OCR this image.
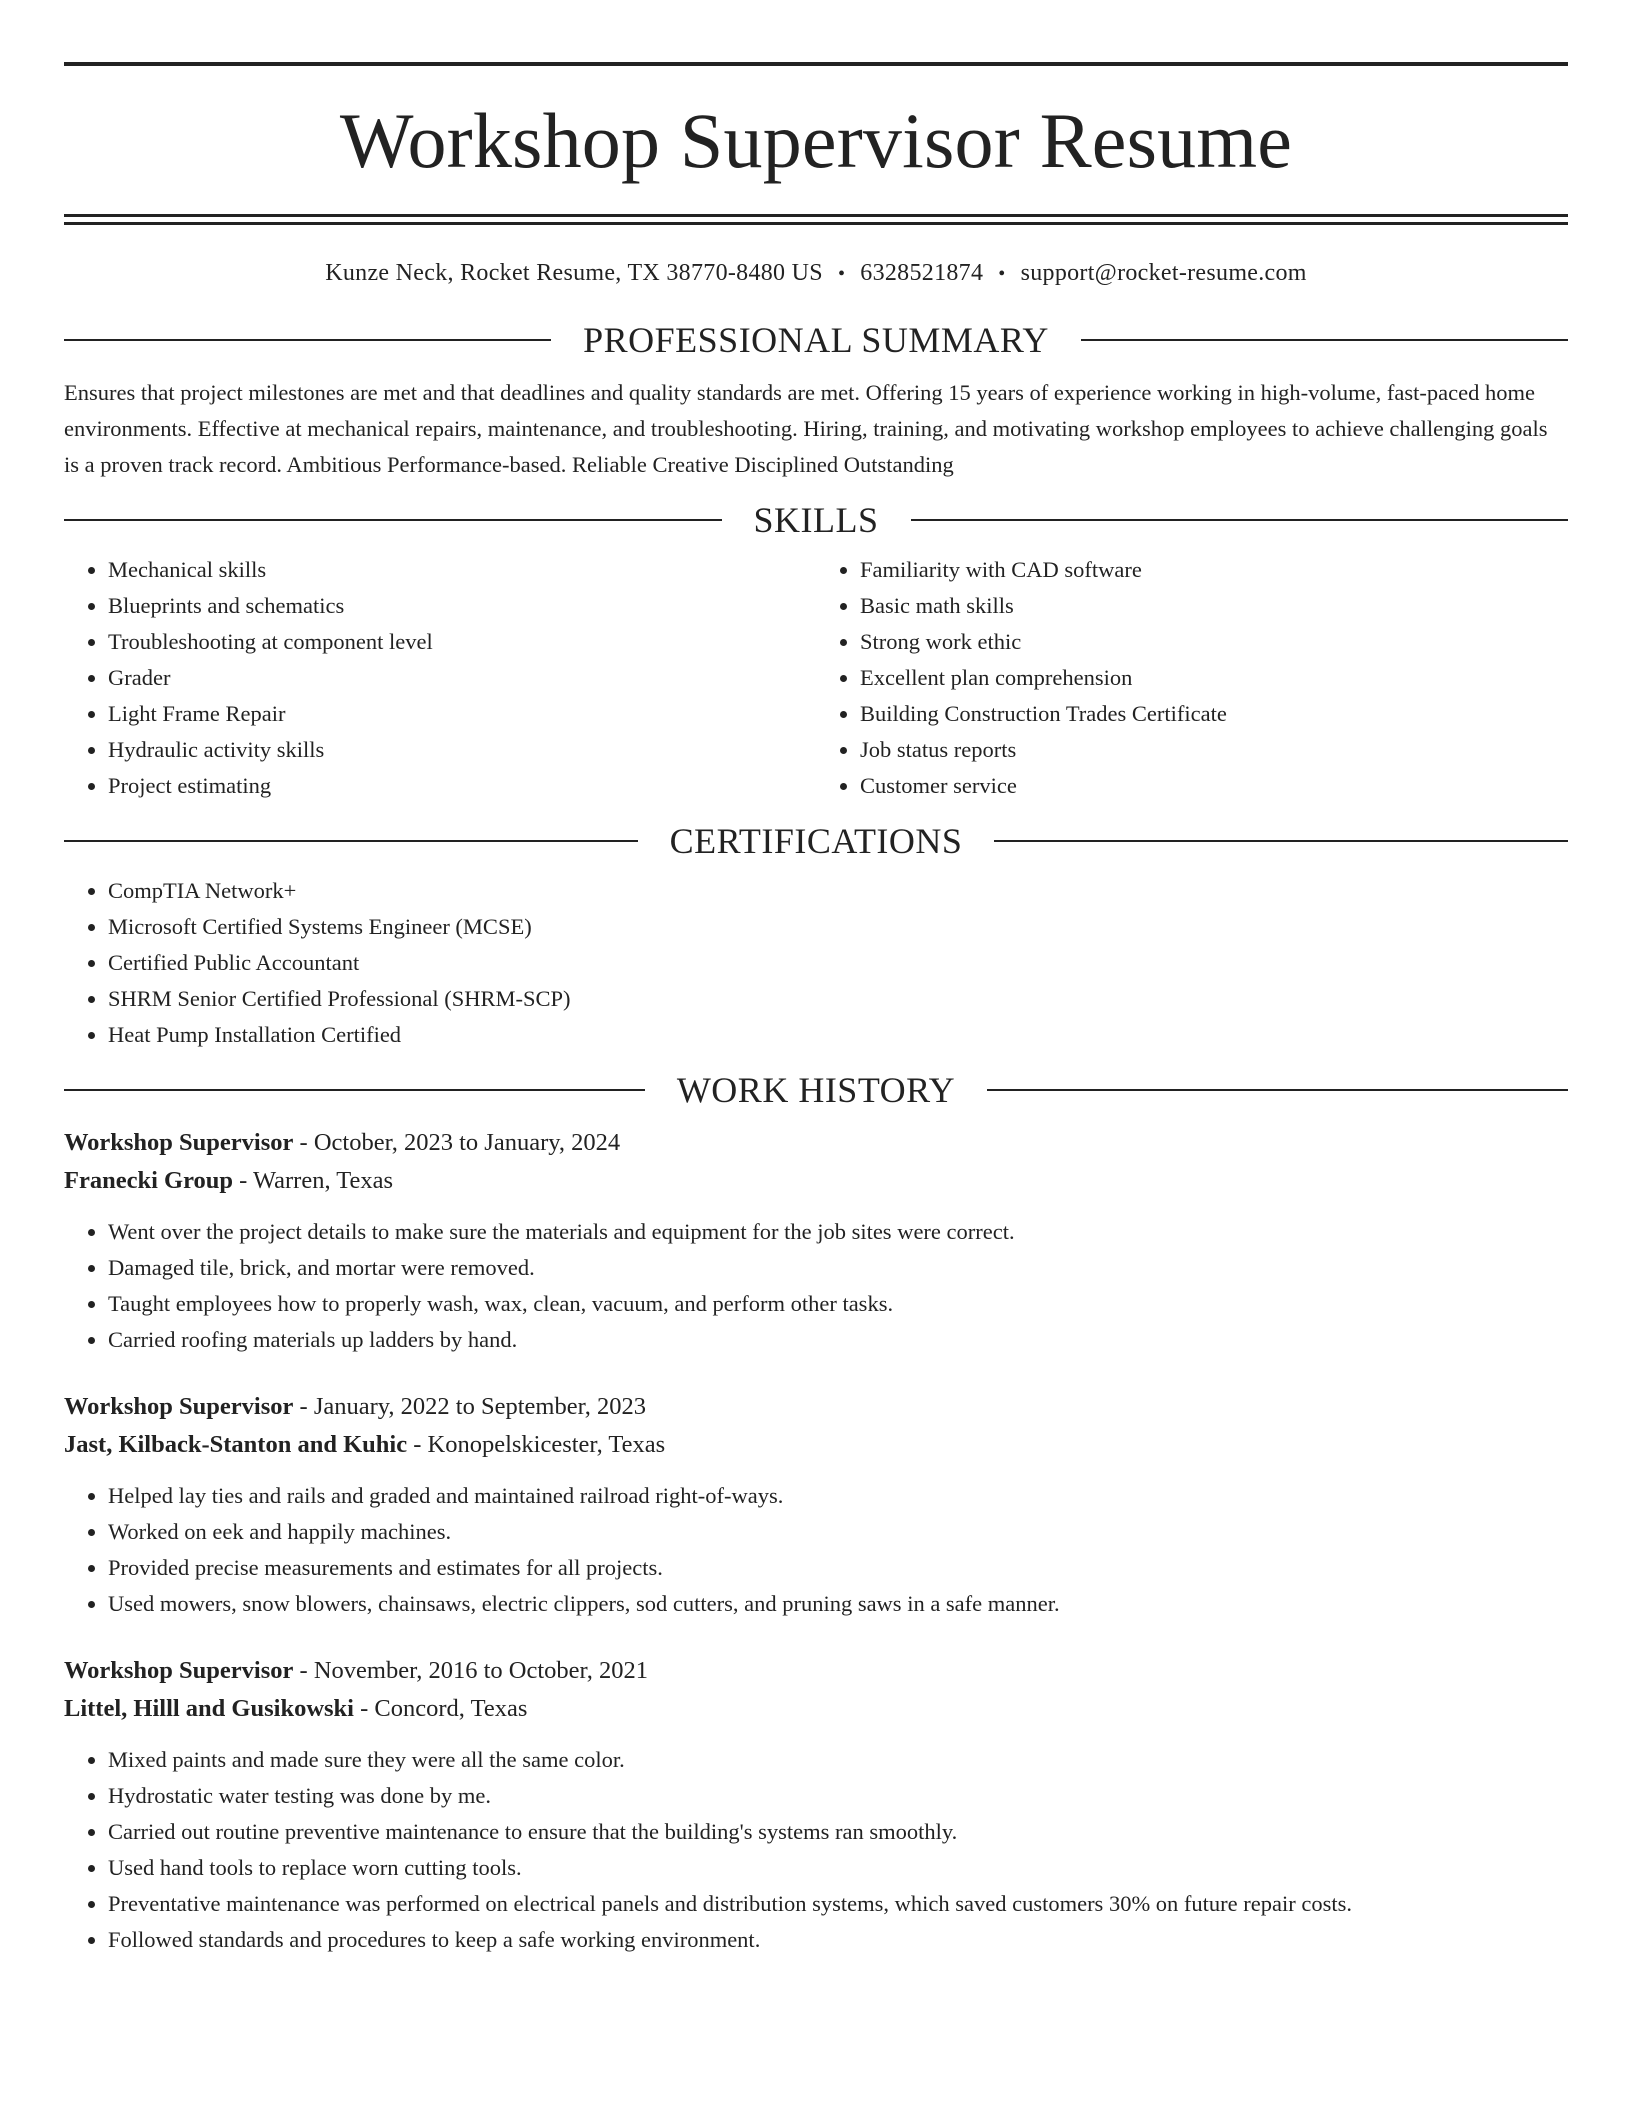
Workshop Supervisor Resume
Kunze Neck, Rocket Resume, TX 38770-8480 US • 6328521874 • support@rocket-resume.com
PROFESSIONAL SUMMARY

Ensures that project milestones are met and that deadlines and quality standards are met. Offering 15 years of experience working in high-volume, fast-paced home environments. Effective at mechanical repairs, maintenance, and troubleshooting. Hiring, training, and motivating workshop employees to achieve challenging goals is a proven track record. Ambitious Performance-based. Reliable Creative Disciplined Outstanding

SKILLS
• Mechanical skills
• Blueprints and schematics
• Troubleshooting at component level
• Grader
• Light Frame Repair
• Hydraulic activity skills
• Project estimating
• Familiarity with CAD software
• Basic math skills
• Strong work ethic
• Excellent plan comprehension
• Building Construction Trades Certificate
• Job status reports
• Customer service
CERTIFICATIONS
• CompTIA Network+
• Microsoft Certified Systems Engineer (MCSE)
• Certified Public Accountant
• SHRM Senior Certified Professional (SHRM-SCP)
• Heat Pump Installation Certified
WORK HISTORY

Workshop Supervisor - October, 2023 to January, 2024

Franecki Group - Warren, Texas

• Went over the project details to make sure the materials and equipment for the job sites were correct.
• Damaged tile, brick, and mortar were removed.
• Taught employees how to properly wash, wax, clean, vacuum, and perform other tasks.
• Carried roofing materials up ladders by hand.

Workshop Supervisor - January, 2022 to September, 2023

Jast, Kilback-Stanton and Kuhic - Konopelskicester, Texas

• Helped lay ties and rails and graded and maintained railroad right-of-ways.
• Worked on eek and happily machines.
• Provided precise measurements and estimates for all projects.
• Used mowers, snow blowers, chainsaws, electric clippers, sod cutters, and pruning saws in a safe manner.

Workshop Supervisor - November, 2016 to October, 2021

Littel, Hilll and Gusikowski - Concord, Texas

• Mixed paints and made sure they were all the same color.
• Hydrostatic water testing was done by me.
• Carried out routine preventive maintenance to ensure that the building's systems ran smoothly.
• Used hand tools to replace worn cutting tools.
• Preventative maintenance was performed on electrical panels and distribution systems, which saved customers 30% on future repair costs.
• Followed standards and procedures to keep a safe working environment.
